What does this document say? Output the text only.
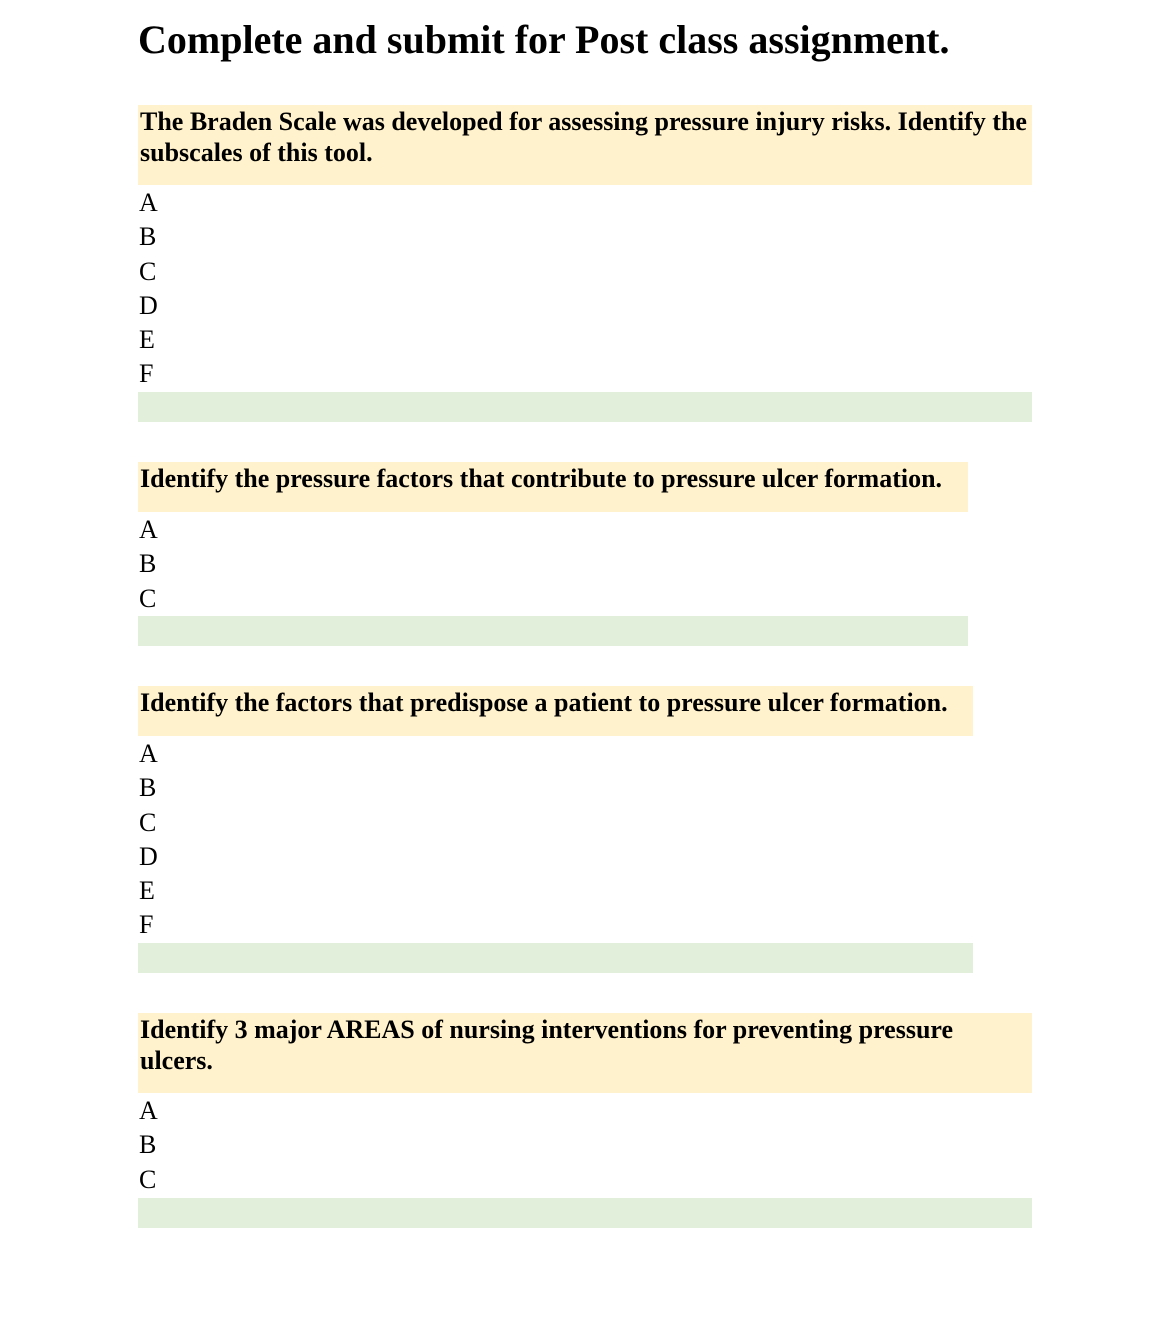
Complete and submit for Post class assignment.
The Braden Scale was developed for assessing pressure injury risks. Identify the subscales of this tool.
A
B
C
D
E
F
Identify the pressure factors that contribute to pressure ulcer formation.
A
B
C
Identify the factors that predispose a patient to pressure ulcer formation.
A
B
C
D
E
F
Identify 3 major AREAS of nursing interventions for preventing pressure ulcers.
A
B
C
